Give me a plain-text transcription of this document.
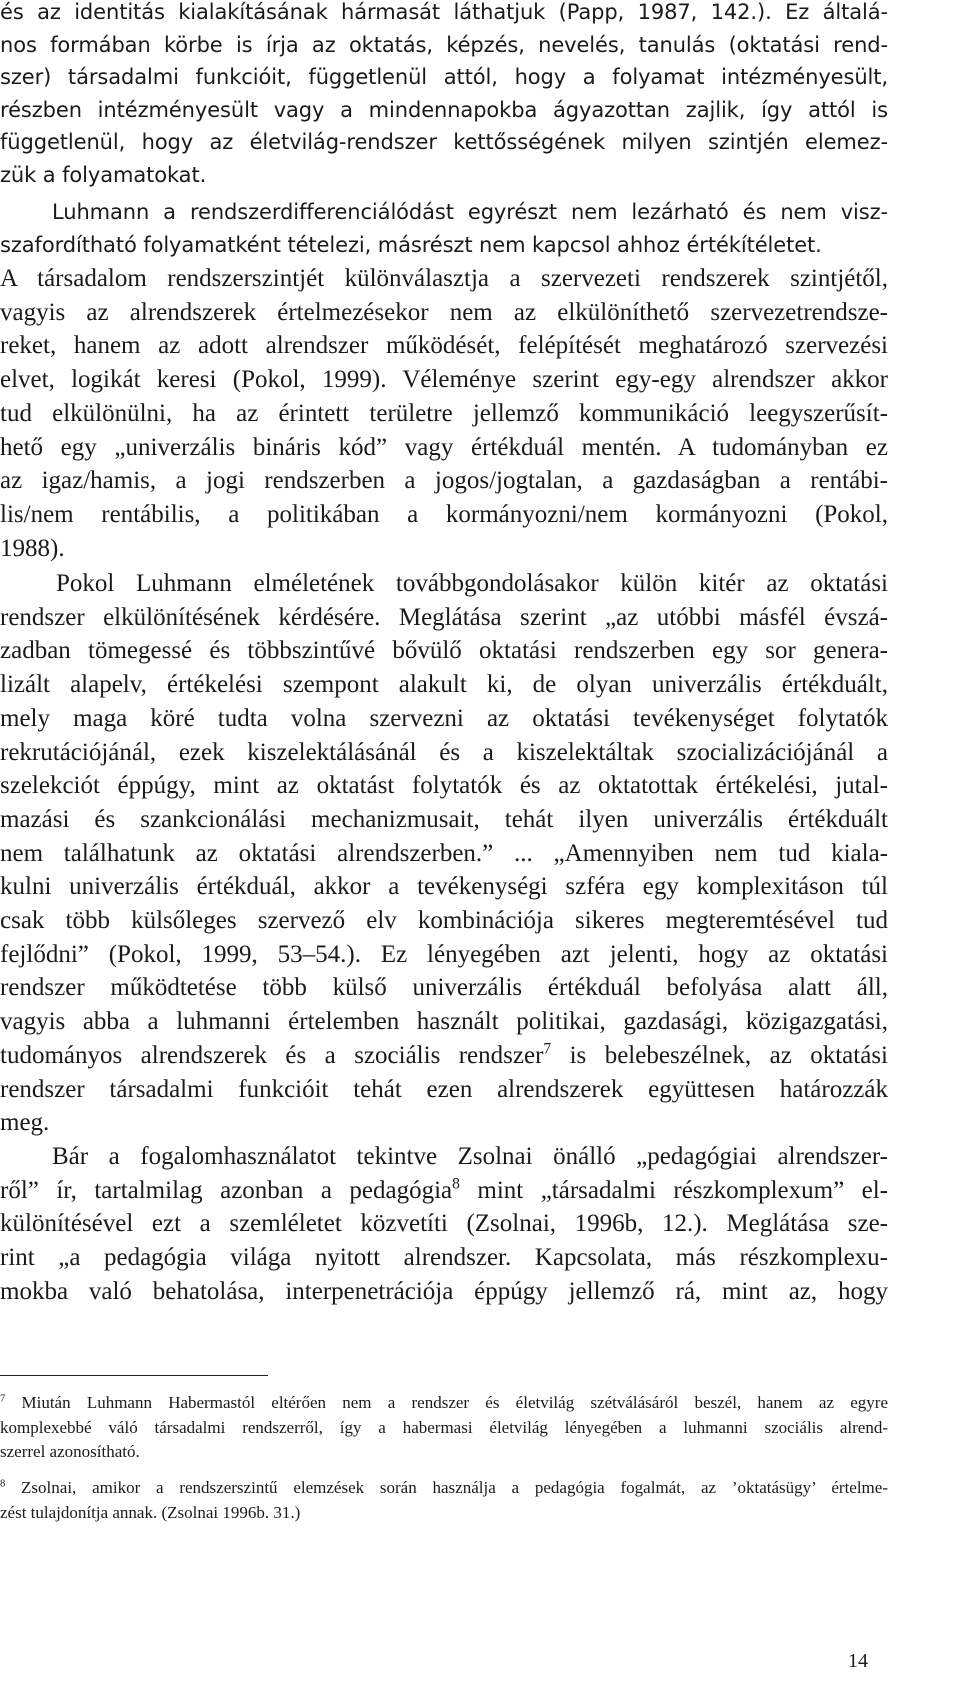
és az identitás kialakításának hármasát láthatjuk (Papp, 1987, 142.). Ez általá-
nos formában körbe is írja az oktatás, képzés, nevelés, tanulás (oktatási rend-
szer) társadalmi funkcióit, függetlenül attól, hogy a folyamat intézményesült,
részben intézményesült vagy a mindennapokba ágyazottan zajlik, így attól is
függetlenül, hogy az életvilág-rendszer kettősségének milyen szintjén elemez-
zük a folyamatokat.

Luhmann a rendszerdifferenciálódást egyrészt nem lezárható és nem visz-
szafordítható folyamatként tételezi, másrészt nem kapcsol ahhoz értékítéletet.

A társadalom rendszerszintjét különválasztja a szervezeti rendszerek szintjétől,
vagyis az alrendszerek értelmezésekor nem az elkülöníthető szervezetrendsze-
reket, hanem az adott alrendszer működését, felépítését meghatározó szervezési
elvet, logikát keresi (Pokol, 1999). Véleménye szerint egy-egy alrendszer akkor
tud elkülönülni, ha az érintett területre jellemző kommunikáció leegyszerűsít-
hető egy „univerzális bináris kód” vagy értékduál mentén. A tudományban ez
az igaz/hamis, a jogi rendszerben a jogos/jogtalan, a gazdaságban a rentábi-
lis/nem rentábilis, a politikában a kormányozni/nem kormányozni (Pokol,
1988).

Pokol Luhmann elméletének továbbgondolásakor külön kitér az oktatási
rendszer elkülönítésének kérdésére. Meglátása szerint „az utóbbi másfél évszá-
zadban tömegessé és többszintűvé bővülő oktatási rendszerben egy sor genera-
lizált alapelv, értékelési szempont alakult ki, de olyan univerzális értékduált,
mely maga köré tudta volna szervezni az oktatási tevékenységet folytatók
rekrutációjánál, ezek kiszelektálásánál és a kiszelektáltak szocializációjánál a
szelekciót éppúgy, mint az oktatást folytatók és az oktatottak értékelési, jutal-
mazási és szankcionálási mechanizmusait, tehát ilyen univerzális értékduált
nem találhatunk az oktatási alrendszerben.” ... „Amennyiben nem tud kiala-
kulni univerzális értékduál, akkor a tevékenységi szféra egy komplexitáson túl
csak több külsőleges szervező elv kombinációja sikeres megteremtésével tud
fejlődni” (Pokol, 1999, 53–54.). Ez lényegében azt jelenti, hogy az oktatási
rendszer működtetése több külső univerzális értékduál befolyása alatt áll,
vagyis abba a luhmanni értelemben használt politikai, gazdasági, közigazgatási,
tudományos alrendszerek és a szociális rendszer$^7$ is belebeszélnek, az oktatási
rendszer társadalmi funkcióit tehát ezen alrendszerek együttesen határozzák
meg.

Bár a fogalomhasználatot tekintve Zsolnai önálló „pedagógiai alrendszer-
ről” ír, tartalmilag azonban a pedagógia$^8$ mint „társadalmi részkomplexum” el-
különítésével ezt a szemléletet közvetíti (Zsolnai, 1996b, 12.). Meglátása sze-
rint „a pedagógia világa nyitott alrendszer. Kapcsolata, más részkomplexu-
mokba való behatolása, interpenetrációja éppúgy jellemző rá, mint az, hogy

$^7$ Miután Luhmann Habermastól eltérően nem a rendszer és életvilág szétválásáról beszél, hanem az egyre
komplexebbé váló társadalmi rendszerről, így a habermasi életvilág lényegében a luhmanni szociális alrend-
szerrel azonosítható.

$^8$ Zsolnai, amikor a rendszerszintű elemzések során használja a pedagógia fogalmát, az ’oktatásügy’ értelme-
zést tulajdonítja annak. (Zsolnai 1996b. 31.)

14
